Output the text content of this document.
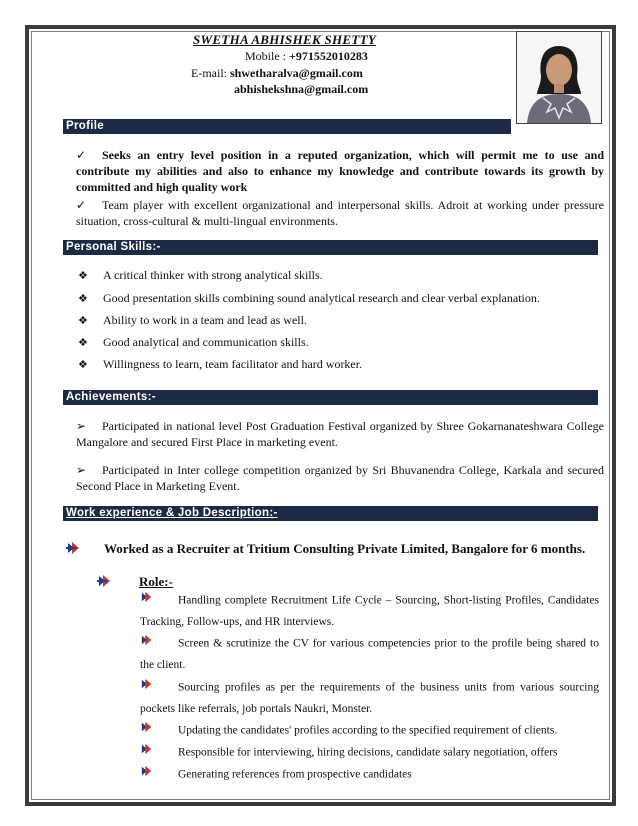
SWETHA ABHISHEK SHETTY
Mobile : +971552010283
E-mail: shwetharalva@gmail.com
abhishekshna@gmail.com
Profile
✓ Seeks an entry level position in a reputed organization, which will permit me to use and contribute my abilities and also to enhance my knowledge and contribute towards its growth by committed and high quality work
✓ Team player with excellent organizational and interpersonal skills. Adroit at working under pressure situation, cross-cultural & multi-lingual environments.
Personal Skills:-
❖ A critical thinker with strong analytical skills.
❖ Good presentation skills combining sound analytical research and clear verbal explanation.
❖ Ability to work in a team and lead as well.
❖ Good analytical and communication skills.
❖ Willingness to learn, team facilitator and hard worker.
Achievements:-
➢ Participated in national level Post Graduation Festival organized by Shree Gokarnanateshwara College Mangalore and secured First Place in marketing event.
➢ Participated in Inter college competition organized by Sri Bhuvanendra College, Karkala and secured Second Place in Marketing Event.
Work experience & Job Description:-
Worked as a Recruiter at Tritium Consulting Private Limited, Bangalore for 6 months.
Role:-
Handling complete Recruitment Life Cycle – Sourcing, Short-listing Profiles, Candidates Tracking, Follow-ups, and HR interviews.
Screen & scrutinize the CV for various competencies prior to the profile being shared to the client.
Sourcing profiles as per the requirements of the business units from various sourcing pockets like referrals, job portals Naukri, Monster.
Updating the candidates' profiles according to the specified requirement of clients.
Responsible for interviewing, hiring decisions, candidate salary negotiation, offers
Generating references from prospective candidates
